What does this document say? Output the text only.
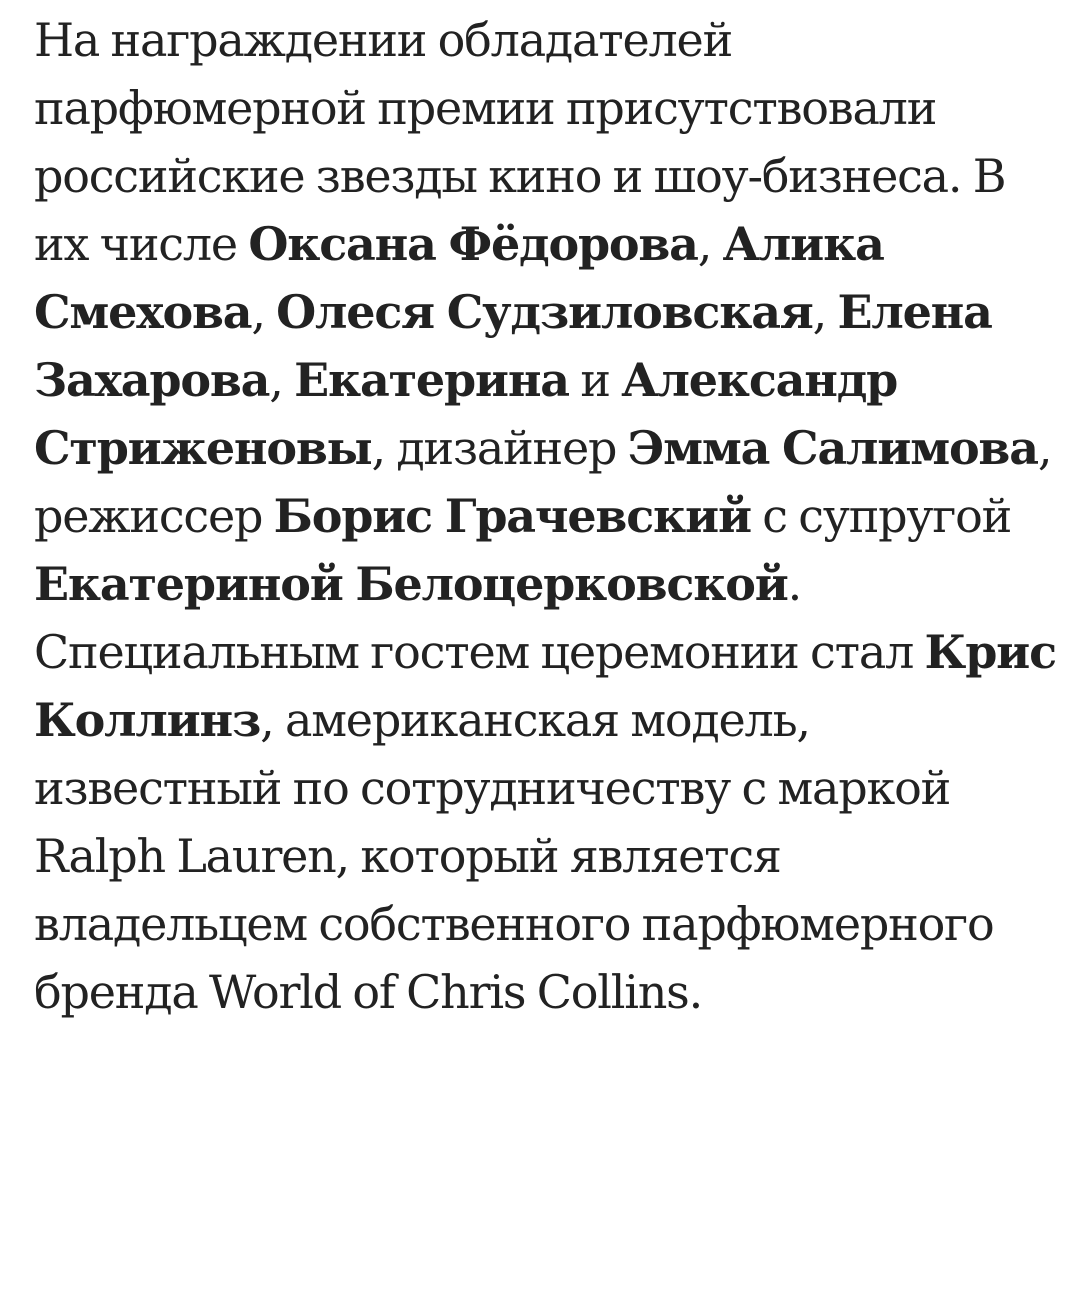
На награждении обладателей парфюмерной премии присутствовали российские звезды кино и шоу-бизнеса. В их числе Оксана Фёдорова, Алика Смехова, Олеся Судзиловская, Елена Захарова, Екатерина и Александр Стриженовы, дизайнер Эмма Салимова, режиссер Борис Грачевский с супругой Екатериной Белоцерковской. Специальным гостем церемонии стал Крис Коллинз, американская модель, известный по сотрудничеству с маркой Ralph Lauren, который является владельцем собственного парфюмерного бренда World of Chris Collins.
